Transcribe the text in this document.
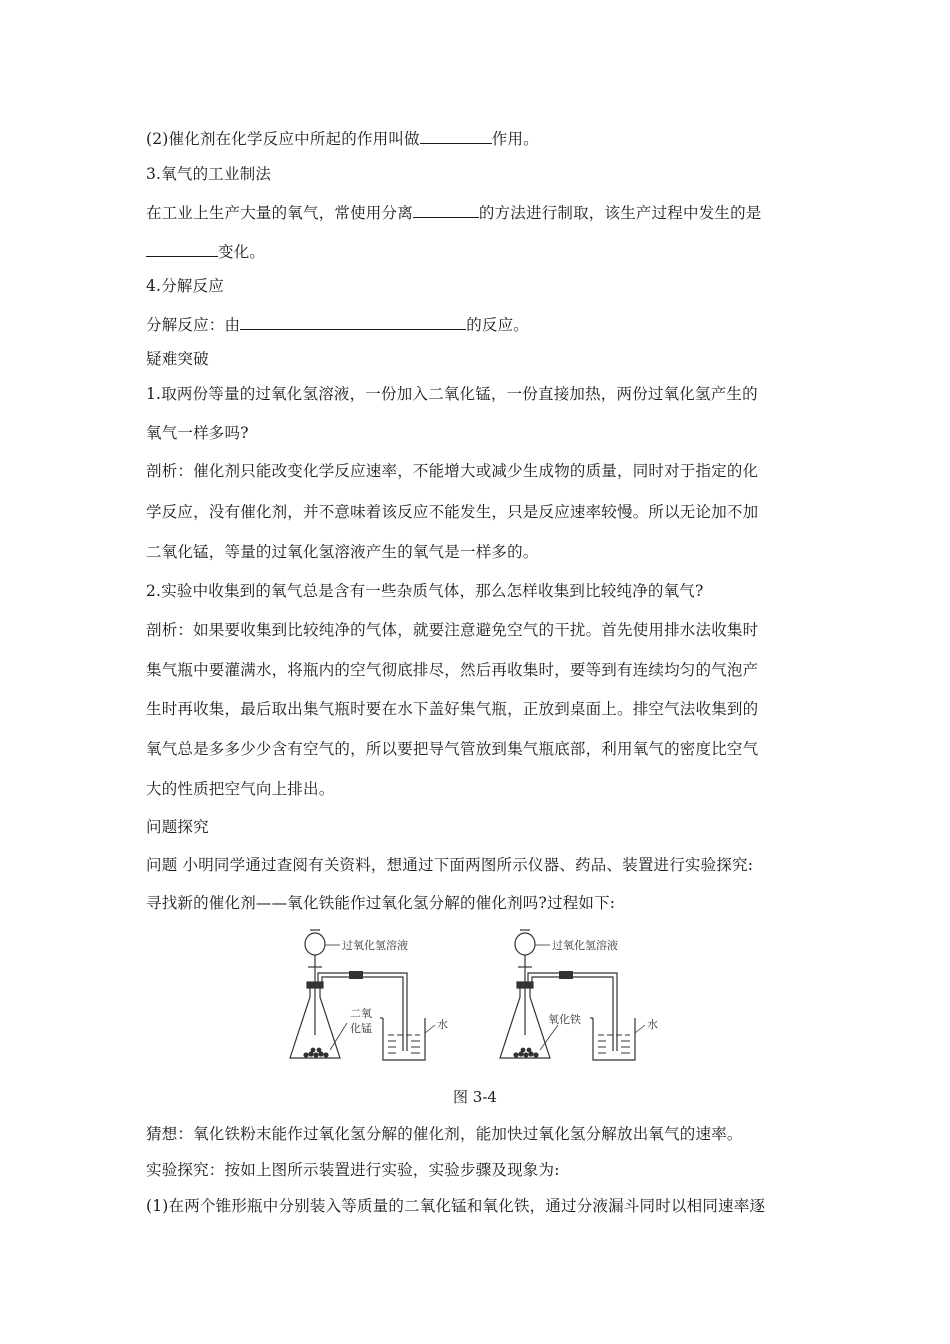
(2)催化剂在化学反应中所起的作用叫做	作用。
3.氧气的工业制法
在工业上生产大量的氧气，常使用分离	的方法进行制取，该生产过程中发生的是
变化。
4.分解反应
分解反应：由	的反应。
疑难突破
1.取两份等量的过氧化氢溶液，一份加入二氧化锰，一份直接加热，两份过氧化氢产生的
氧气一样多吗?
剖析：催化剂只能改变化学反应速率，不能增大或减少生成物的质量，同时对于指定的化
学反应，没有催化剂，并不意味着该反应不能发生，只是反应速率较慢。所以无论加不加
二氧化锰，等量的过氧化氢溶液产生的氧气是一样多的。
2.实验中收集到的氧气总是含有一些杂质气体，那么怎样收集到比较纯净的氧气?
剖析：如果要收集到比较纯净的气体，就要注意避免空气的干扰。首先使用排水法收集时
集气瓶中要灌满水，将瓶内的空气彻底排尽，然后再收集时，要等到有连续均匀的气泡产
生时再收集，最后取出集气瓶时要在水下盖好集气瓶，正放到桌面上。排空气法收集到的
氧气总是多多少少含有空气的，所以要把导气管放到集气瓶底部，利用氧气的密度比空气
大的性质把空气向上排出。
问题探究
问题 小明同学通过查阅有关资料，想通过下面两图所示仪器、药品、装置进行实验探究:
寻找新的催化剂——氧化铁能作过氧化氢分解的催化剂吗?过程如下:
过氧化氢溶液
二氧
化锰	水
过氧化氢溶液
氧化铁	水
图 3-4
猜想：氧化铁粉末能作过氧化氢分解的催化剂，能加快过氧化氢分解放出氧气的速率。
实验探究：按如上图所示装置进行实验，实验步骤及现象为:
(1)在两个锥形瓶中分别装入等质量的二氧化锰和氧化铁，通过分液漏斗同时以相同速率逐
